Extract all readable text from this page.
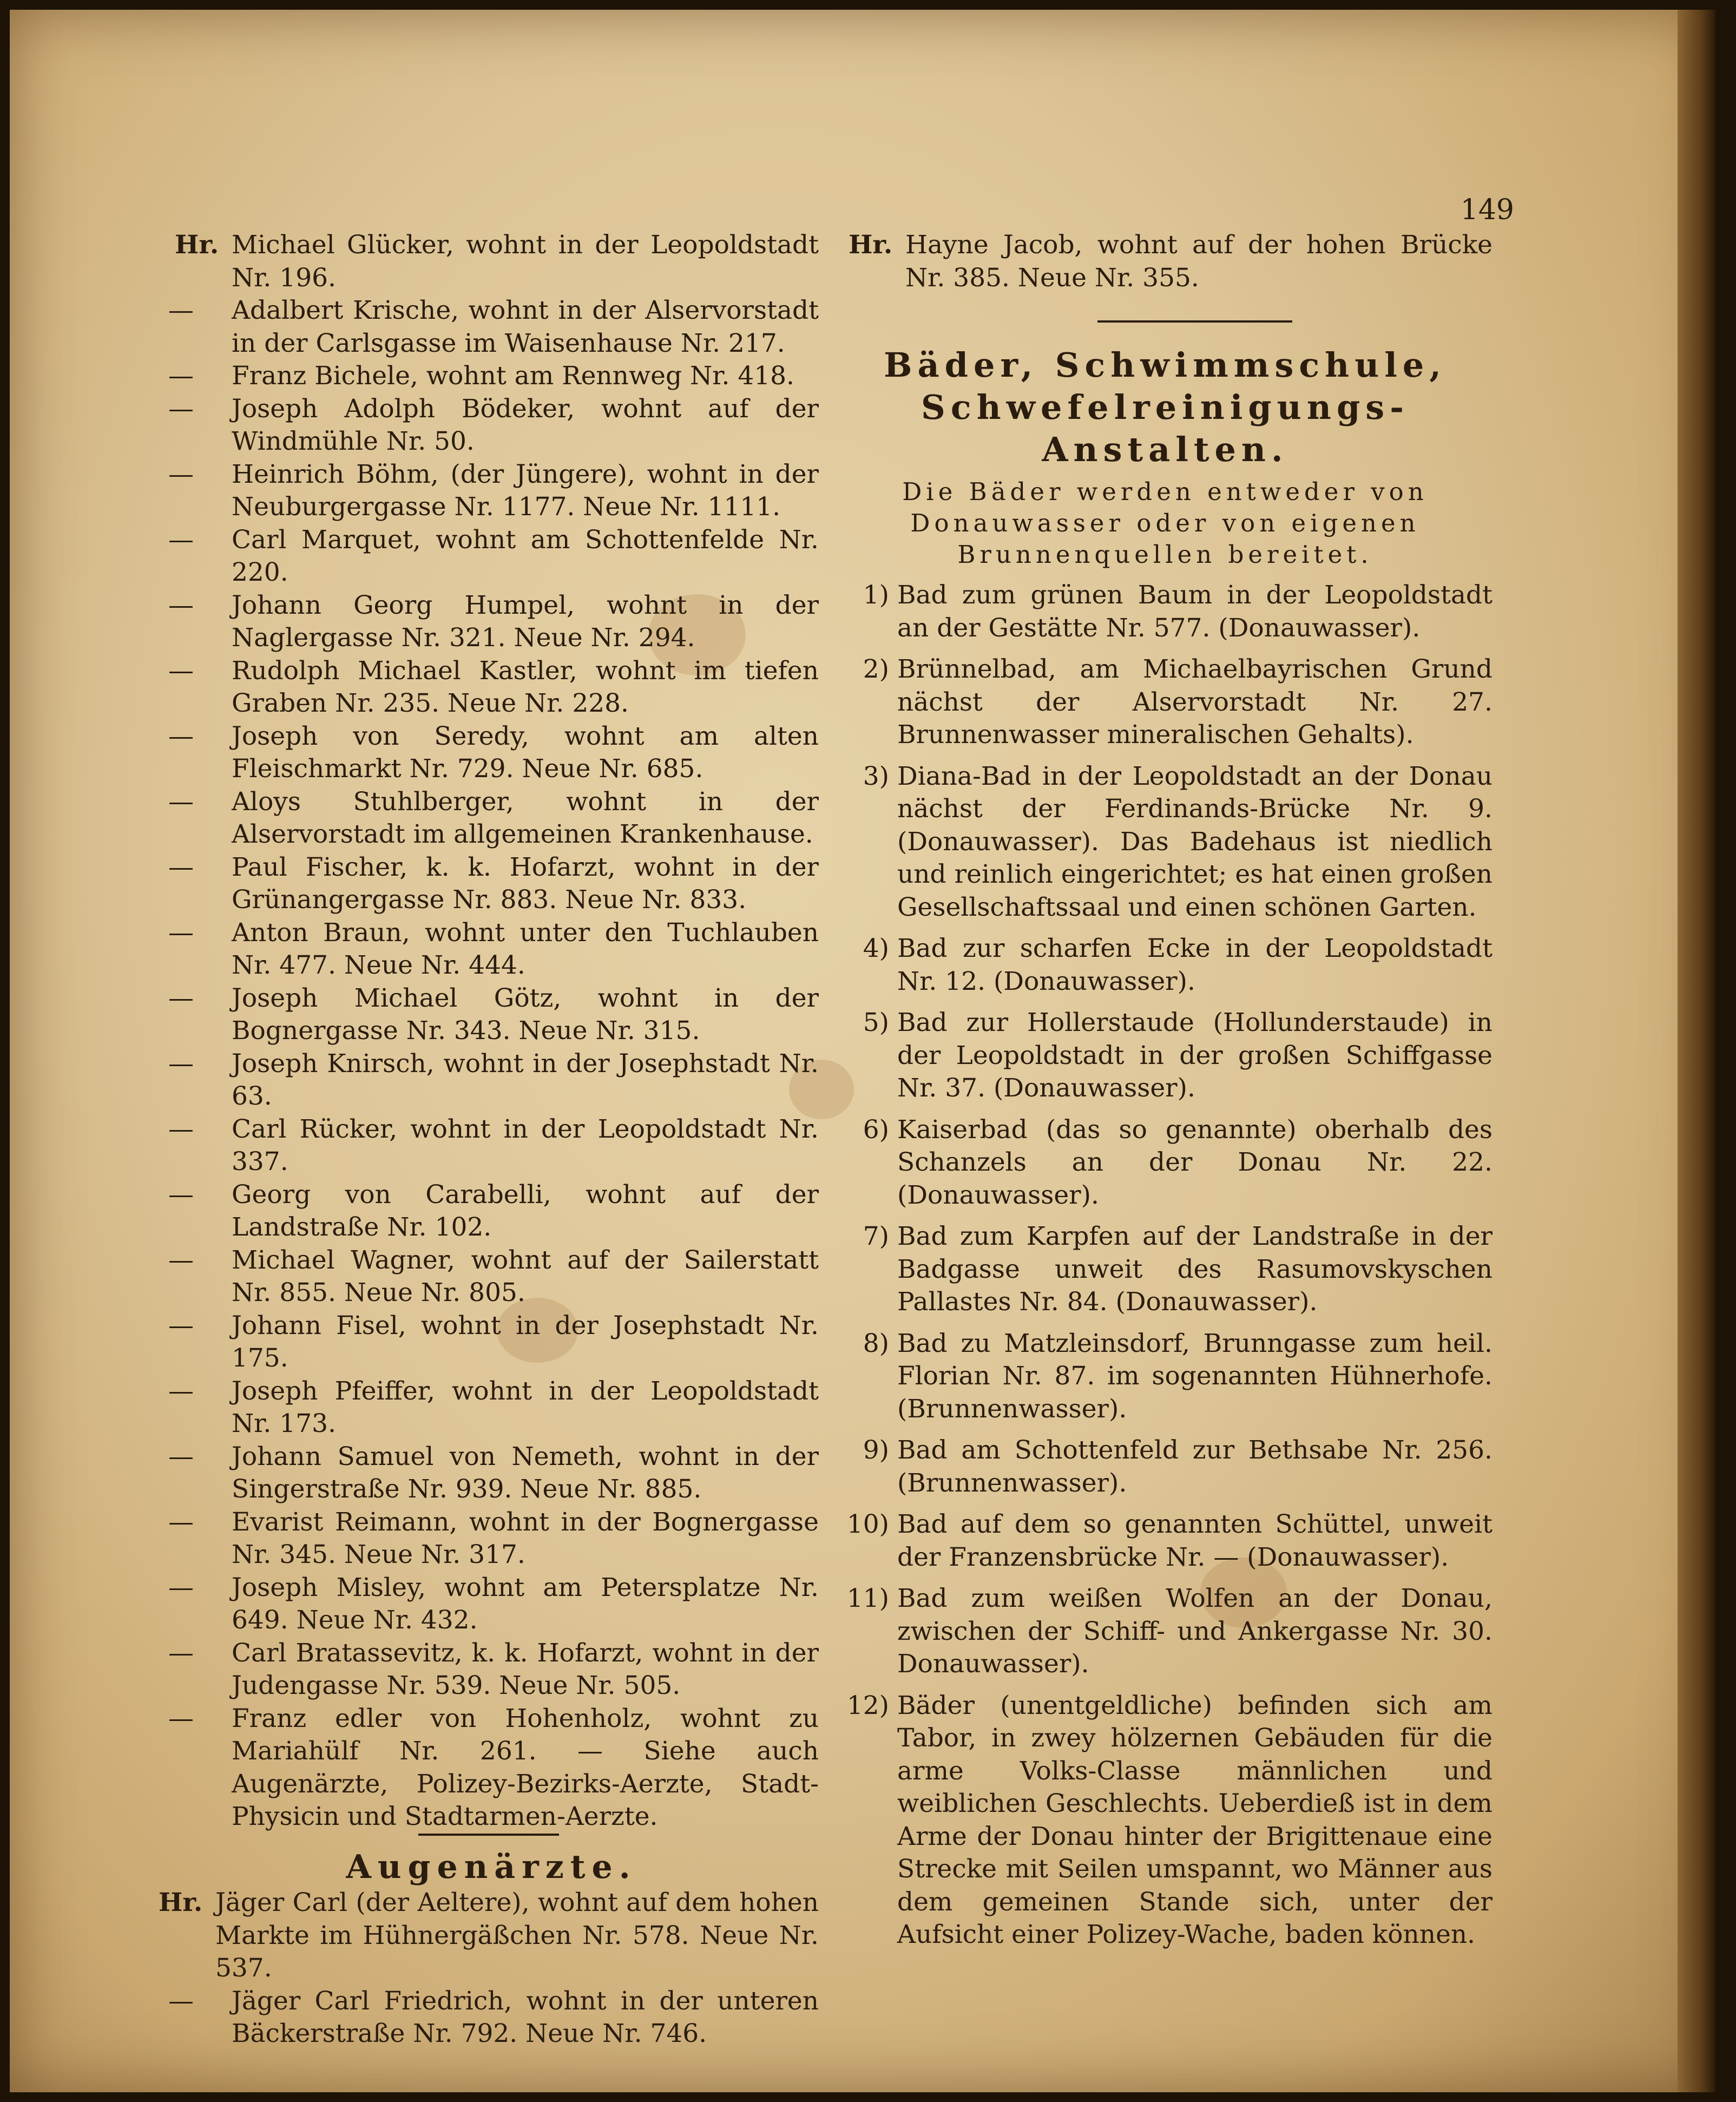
149
Hr. Michael Glücker, wohnt in der Leopoldstadt Nr. 196.
—	Adalbert Krische, wohnt in der Alservorstadt in der Carlsgasse im Waisenhause Nr. 217.
—	Franz Bichele, wohnt am Rennweg Nr. 418.
—	Joseph Adolph Bödeker, wohnt auf der Windmühle Nr. 50.
—	Heinrich Böhm, (der Jüngere), wohnt in der Neuburgergasse Nr. 1177. Neue Nr. 1111.
—	Carl Marquet, wohnt am Schottenfelde Nr. 220.
—	Johann Georg Humpel, wohnt in der Naglergasse Nr. 321. Neue Nr. 294.
—	Rudolph Michael Kastler, wohnt im tiefen Graben Nr. 235. Neue Nr. 228.
—	Joseph von Seredy, wohnt am alten Fleischmarkt Nr. 729. Neue Nr. 685.
—	Aloys Stuhlberger, wohnt in der Alservorstadt im allgemeinen Krankenhause.
—	Paul Fischer, k. k. Hofarzt, wohnt in der Grünangergasse Nr. 883. Neue Nr. 833.
—	Anton Braun, wohnt unter den Tuchlauben Nr. 477. Neue Nr. 444.
—	Joseph Michael Götz, wohnt in der Bognergasse Nr. 343. Neue Nr. 315.
—	Joseph Knirsch, wohnt in der Josephstadt Nr. 63.
—	Carl Rücker, wohnt in der Leopoldstadt Nr. 337.
—	Georg von Carabelli, wohnt auf der Landstraße Nr. 102.
—	Michael Wagner, wohnt auf der Sailerstatt Nr. 855. Neue Nr. 805.
—	Johann Fisel, wohnt in der Josephstadt Nr. 175.
—	Joseph Pfeiffer, wohnt in der Leopoldstadt Nr. 173.
—	Johann Samuel von Nemeth, wohnt in der Singerstraße Nr. 939. Neue Nr. 885.
—	Evarist Reimann, wohnt in der Bognergasse Nr. 345. Neue Nr. 317.
—	Joseph Misley, wohnt am Petersplatze Nr. 649. Neue Nr. 432.
—	Carl Bratassevitz, k. k. Hofarzt, wohnt in der Judengasse Nr. 539. Neue Nr. 505.
—	Franz edler von Hohenholz, wohnt zu Mariahülf Nr. 261. — Siehe auch Augenärzte, Polizey-Bezirks-Aerzte, Stadt-Physicin und Stadtarmen-Aerzte.
Augenärzte.
Hr. Jäger Carl (der Aeltere), wohnt auf dem hohen Markte im Hühnergäßchen Nr. 578. Neue Nr. 537.
—	Jäger Carl Friedrich, wohnt in der unteren Bäckerstraße Nr. 792. Neue Nr. 746.
Hr. Hayne Jacob, wohnt auf der hohen Brücke Nr. 385. Neue Nr. 355.
Bäder, Schwimmschule, Schwefelreinigungs-Anstalten.
Die Bäder werden entweder von Donauwasser oder von eigenen Brunnenquellen bereitet.
1) Bad zum grünen Baum in der Leopoldstadt an der Gestätte Nr. 577. (Donauwasser).
2) Brünnelbad, am Michaelbayrischen Grund nächst der Alservorstadt Nr. 27. Brunnenwasser mineralischen Gehalts).
3) Diana-Bad in der Leopoldstadt an der Donau nächst der Ferdinands-Brücke Nr. 9. (Donauwasser). Das Badehaus ist niedlich und reinlich eingerichtet; es hat einen großen Gesellschaftssaal und einen schönen Garten.
4) Bad zur scharfen Ecke in der Leopoldstadt Nr. 12. (Donauwasser).
5) Bad zur Hollerstaude (Hollunderstaude) in der Leopoldstadt in der großen Schiffgasse Nr. 37. (Donauwasser).
6) Kaiserbad (das so genannte) oberhalb des Schanzels an der Donau Nr. 22. (Donauwasser).
7) Bad zum Karpfen auf der Landstraße in der Badgasse unweit des Rasumovskyschen Pallastes Nr. 84. (Donauwasser).
8) Bad zu Matzleinsdorf, Brunngasse zum heil. Florian Nr. 87. im sogenannten Hühnerhofe. (Brunnenwasser).
9) Bad am Schottenfeld zur Bethsabe Nr. 256. (Brunnenwasser).
10) Bad auf dem so genannten Schüttel, unweit der Franzensbrücke Nr. — (Donauwasser).
11) Bad zum weißen Wolfen an der Donau, zwischen der Schiff- und Ankergasse Nr. 30. Donauwasser).
12) Bäder (unentgeldliche) befinden sich am Tabor, in zwey hölzernen Gebäuden für die arme Volks-Classe männlichen und weiblichen Geschlechts. Ueberdieß ist in dem Arme der Donau hinter der Brigittenaue eine Strecke mit Seilen umspannt, wo Männer aus dem gemeinen Stande sich, unter der Aufsicht einer Polizey-Wache, baden können.
